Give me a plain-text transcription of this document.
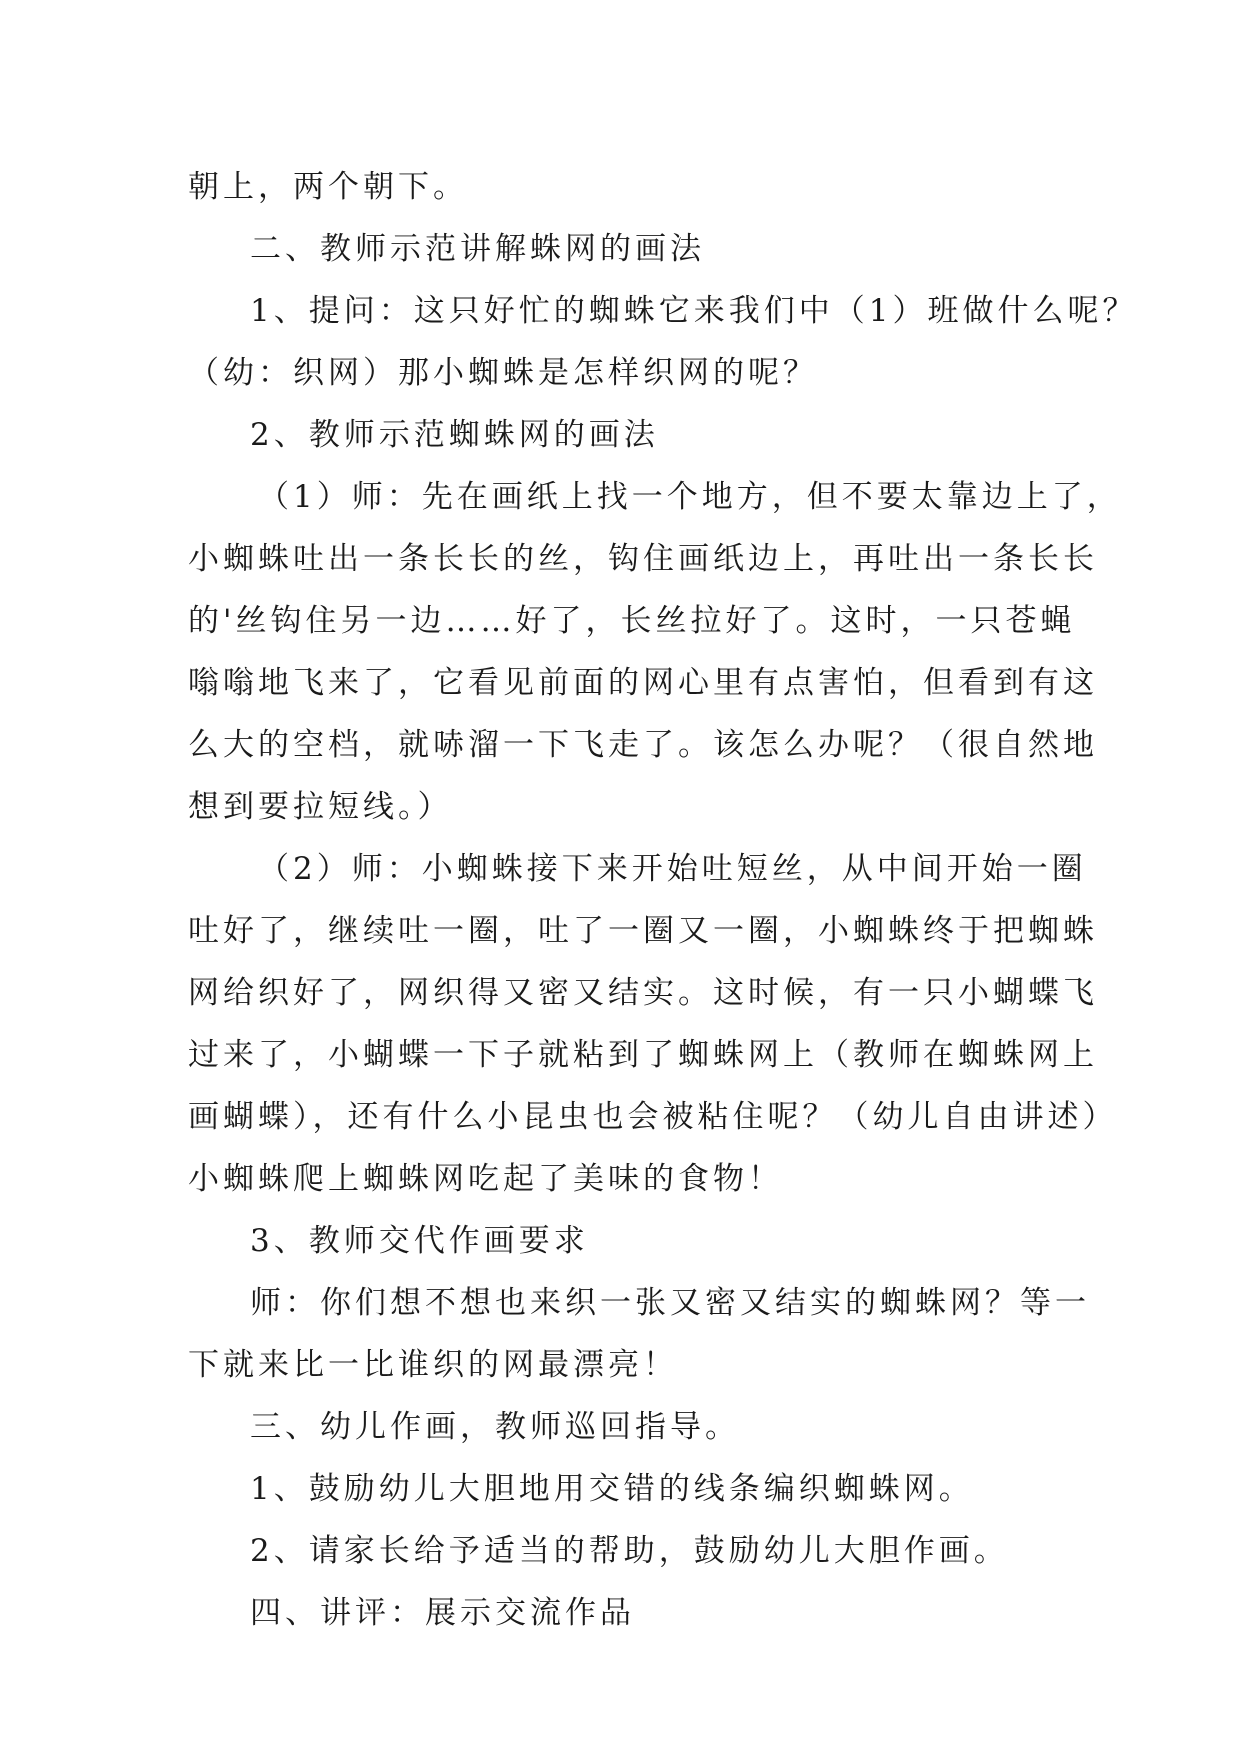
朝上，两个朝下。
二、教师示范讲解蛛网的画法
1、提问：这只好忙的蜘蛛它来我们中（1）班做什么呢？
（幼：织网）那小蜘蛛是怎样织网的呢？
2、教师示范蜘蛛网的画法
（1）师：先在画纸上找一个地方，但不要太靠边上了，
小蜘蛛吐出一条长长的丝，钩住画纸边上，再吐出一条长长
的'丝钩住另一边……好了，长丝拉好了。这时，一只苍蝇
嗡嗡地飞来了，它看见前面的网心里有点害怕，但看到有这
么大的空档，就哧溜一下飞走了。该怎么办呢？（很自然地
想到要拉短线。）
（2）师：小蜘蛛接下来开始吐短丝，从中间开始一圈
吐好了，继续吐一圈，吐了一圈又一圈，小蜘蛛终于把蜘蛛
网给织好了，网织得又密又结实。这时候，有一只小蝴蝶飞
过来了，小蝴蝶一下子就粘到了蜘蛛网上（教师在蜘蛛网上
画蝴蝶），还有什么小昆虫也会被粘住呢？（幼儿自由讲述）
小蜘蛛爬上蜘蛛网吃起了美味的食物！
3、教师交代作画要求
师：你们想不想也来织一张又密又结实的蜘蛛网？等一
下就来比一比谁织的网最漂亮！
三、幼儿作画，教师巡回指导。
1、鼓励幼儿大胆地用交错的线条编织蜘蛛网。
2、请家长给予适当的帮助，鼓励幼儿大胆作画。
四、讲评：展示交流作品
